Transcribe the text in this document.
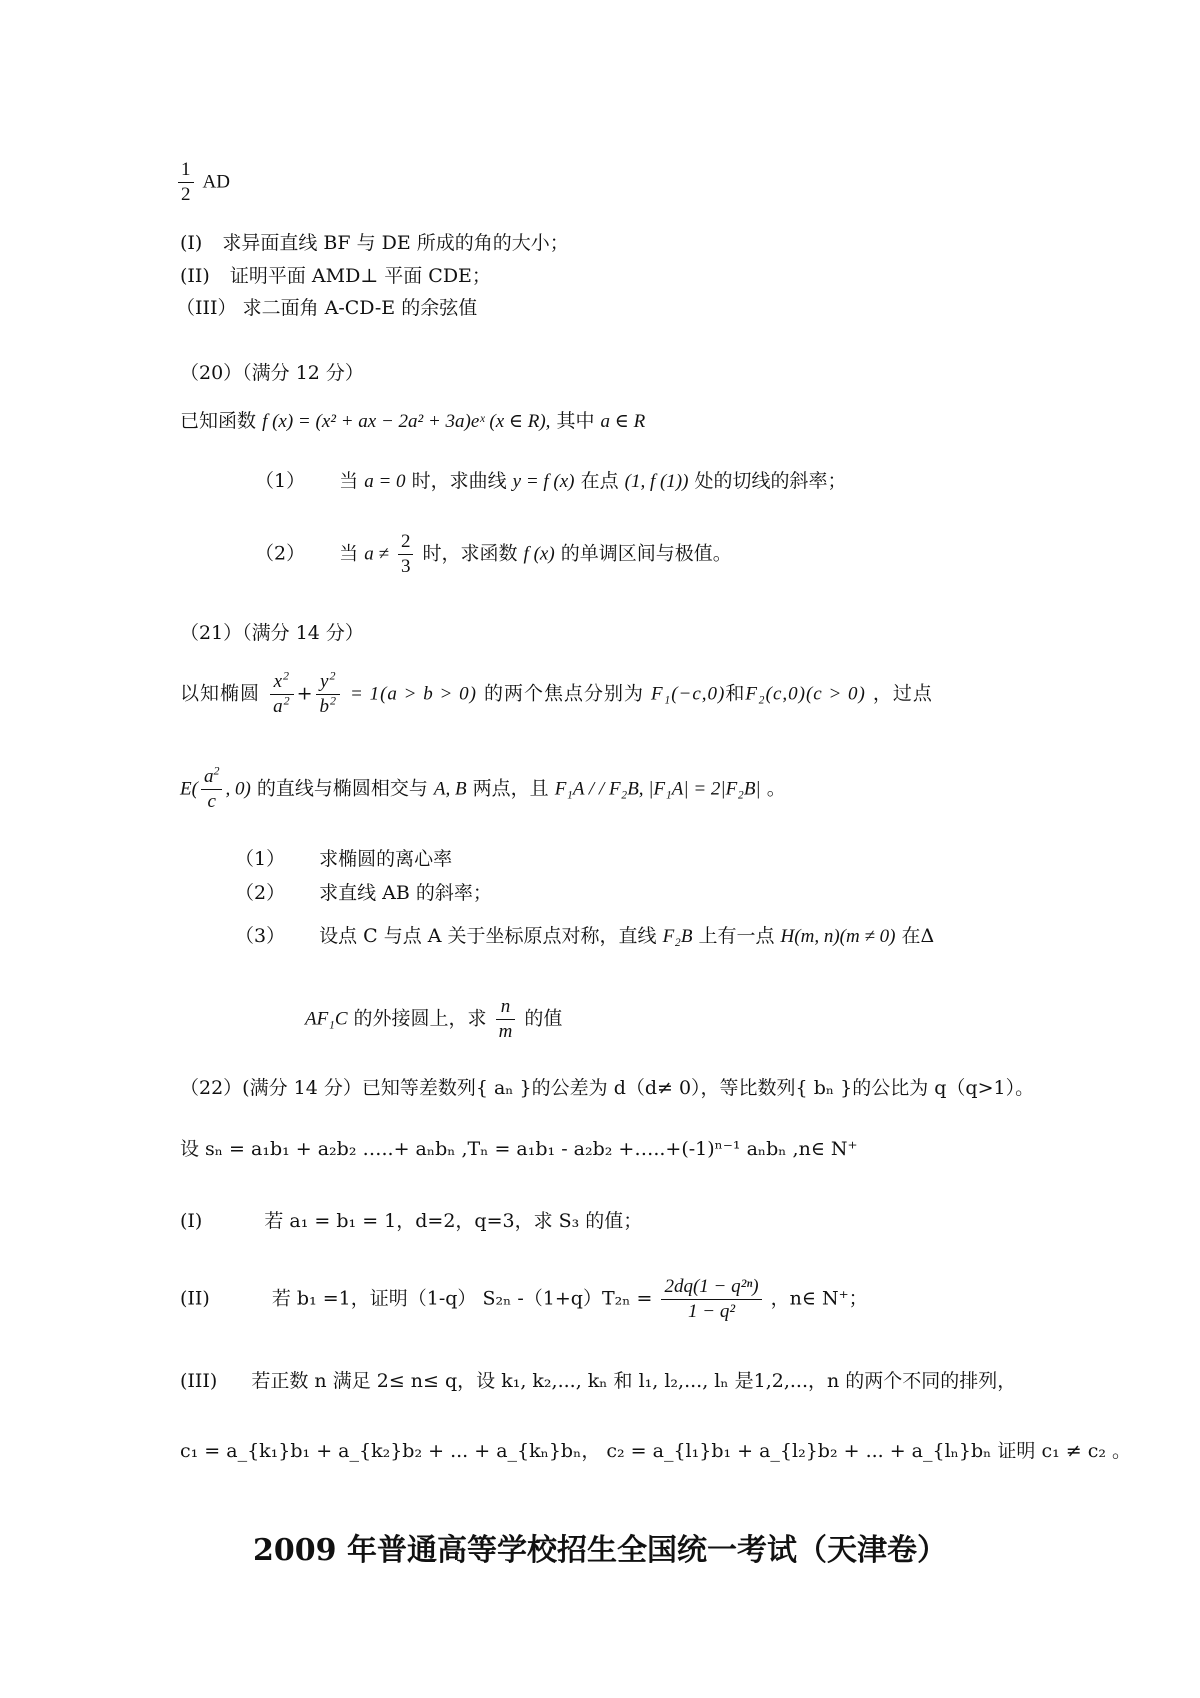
$\frac{1}{2}$ AD
(I) 求异面直线 BF 与 DE 所成的角的大小；
(II) 证明平面 AMD⊥ 平面 CDE；
（III） 求二面角 A-CD-E 的余弦值
（20）（满分 12 分）
已知函数 f (x) = (x² + ax − 2a² + 3a)eˣ (x ∈ R), 其中 a ∈ R
（1） 当 a = 0 时，求曲线 y = f (x) 在点 (1, f (1)) 处的切线的斜率；
（2） 当 $a \ne \frac{2}{3}$ 时，求函数 f (x) 的单调区间与极值。
（21）（满分 14 分）
以知椭圆 $\frac{x^2}{a^2} + \frac{y^2}{b^2} = 1(a > b > 0)$ 的两个焦点分别为 F₁(−c,0)和F₂(c,0)(c > 0) ，过点
$E( \frac{a^2}{c}$ , 0) 的直线与椭圆相交与 A, B 两点，且 F₁A / / F₂B, |F₁A| = 2|F₂B| 。
（1） 求椭圆的离心率
（2） 求直线 AB 的斜率；
（3） 设点 C 与点 A 关于坐标原点对称，直线 F₂B 上有一点 H(m, n)(m ≠ 0) 在Δ
AF₁C 的外接圆上，求 $\frac{n}{m}$ 的值
（22）(满分 14 分）已知等差数列{ aₙ }的公差为 d（d≠ 0），等比数列{ bₙ }的公比为 q（q>1）。
设 sₙ = a₁b₁ + a₂b₂ …..+ aₙbₙ ,Tₙ = a₁b₁ - a₂b₂ +…..+(-1)ⁿ⁻¹ aₙbₙ ,n∈ N⁺
(I)	若 a₁ = b₁ = 1，d=2，q=3，求 S₃ 的值；
(II)	若 b₁ =1，证明（1-q） S₂ₙ $-(1+q)T_{2n} = \frac{\text{2dq(1 − q²ⁿ)}}{\text{1 − q²}}$ ，n∈ N⁺；
(III) 若正数 n 满足 2≤ n≤ q，设 k₁, k₂,..., kₙ 和 l₁, l₂,..., lₙ 是1,2,...，n 的两个不同的排列，
c₁ = a_{k₁}b₁ + a_{k₂}b₂ + ... + a_{kₙ}bₙ， c₂ = a_{l₁}b₁ + a_{l₂}b₂ + ... + a_{lₙ}bₙ 证明 c₁ ≠ c₂ 。
2009 年普通高等学校招生全国统一考试（天津卷）
